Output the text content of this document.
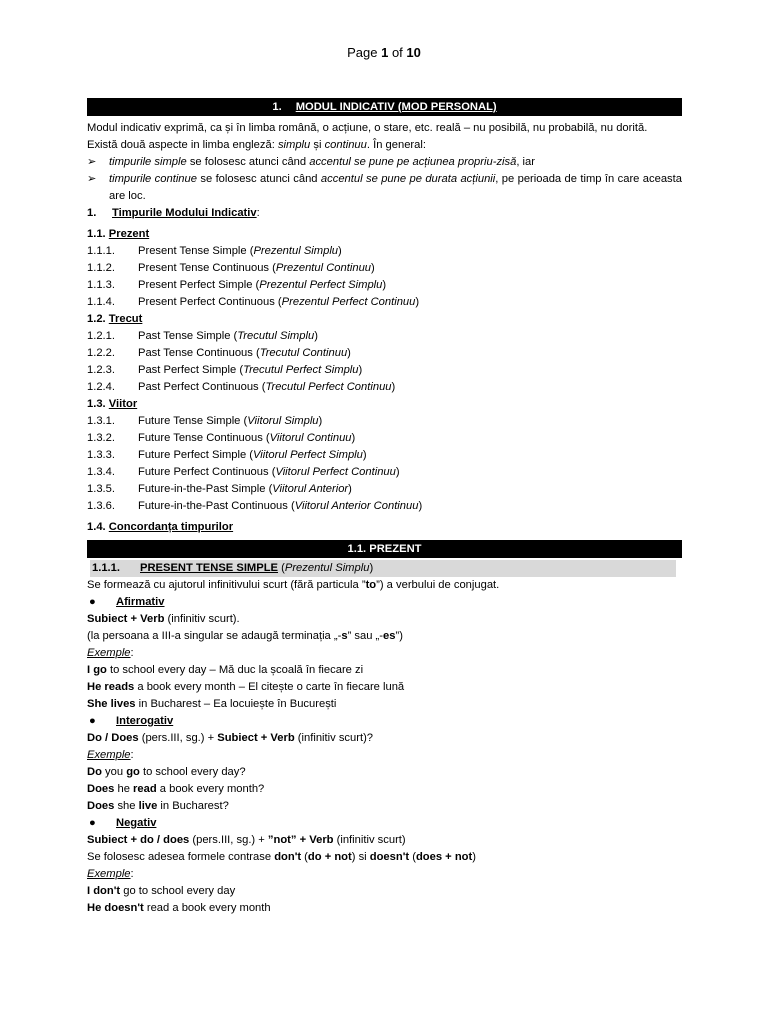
Page 1 of 10
1. MODUL INDICATIV (MOD PERSONAL)

Modul indicativ exprimă, ca și în limba română, o acțiune, o stare, etc. reală – nu posibilă, nu probabilă, nu dorită.

Există două aspecte in limba engleză: simplu și continuu. În general:

➢	timpurile simple se folosesc atunci când accentul se pune pe acțiunea propriu-zisă, iar
➢	timpurile continue se folosesc atunci când accentul se pune pe durata acțiunii, pe perioada de timp în care aceasta are loc.
1.	Timpurile Modului Indicativ:

1.1. Prezent

1.1.1.	Present Tense Simple (Prezentul Simplu)
1.1.2.	Present Tense Continuous (Prezentul Continuu)
1.1.3.	Present Perfect Simple (Prezentul Perfect Simplu)
1.1.4.	Present Perfect Continuous (Prezentul Perfect Continuu)

1.2. Trecut

1.2.1.	Past Tense Simple (Trecutul Simplu)
1.2.2.	Past Tense Continuous (Trecutul Continuu)
1.2.3.	Past Perfect Simple (Trecutul Perfect Simplu)
1.2.4.	Past Perfect Continuous (Trecutul Perfect Continuu)

1.3. Viitor

1.3.1.	Future Tense Simple (Viitorul Simplu)
1.3.2.	Future Tense Continuous (Viitorul Continuu)
1.3.3.	Future Perfect Simple (Viitorul Perfect Simplu)
1.3.4.	Future Perfect Continuous (Viitorul Perfect Continuu)
1.3.5.	Future-in-the-Past Simple (Viitorul Anterior)
1.3.6.	Future-in-the-Past Continuous (Viitorul Anterior Continuu)

1.4. Concordanța timpurilor

1.1. PREZENT
1.1.1.	PRESENT TENSE SIMPLE (Prezentul Simplu)

Se formează cu ajutorul infinitivului scurt (fără particula ”to”) a verbului de conjugat.

●	Afirmativ

Subiect + Verb (infinitiv scurt).

(la persoana a III-a singular se adaugă terminația „-s” sau „-es”)

Exemple:

I go to school every day – Mă duc la școală în fiecare zi

He reads a book every month – El citește o carte în fiecare lună

She lives in Bucharest – Ea locuiește în București

●	Interogativ

Do / Does (pers.III, sg.) + Subiect + Verb (infinitiv scurt)?

Exemple:

Do you go to school every day?

Does he read a book every month?

Does she live in Bucharest?

●	Negativ

Subiect + do / does (pers.III, sg.) + ”not” + Verb (infinitiv scurt)

Se folosesc adesea formele contrase don't (do + not) si doesn't (does + not)

Exemple:

I don't go to school every day

He doesn't read a book every month
